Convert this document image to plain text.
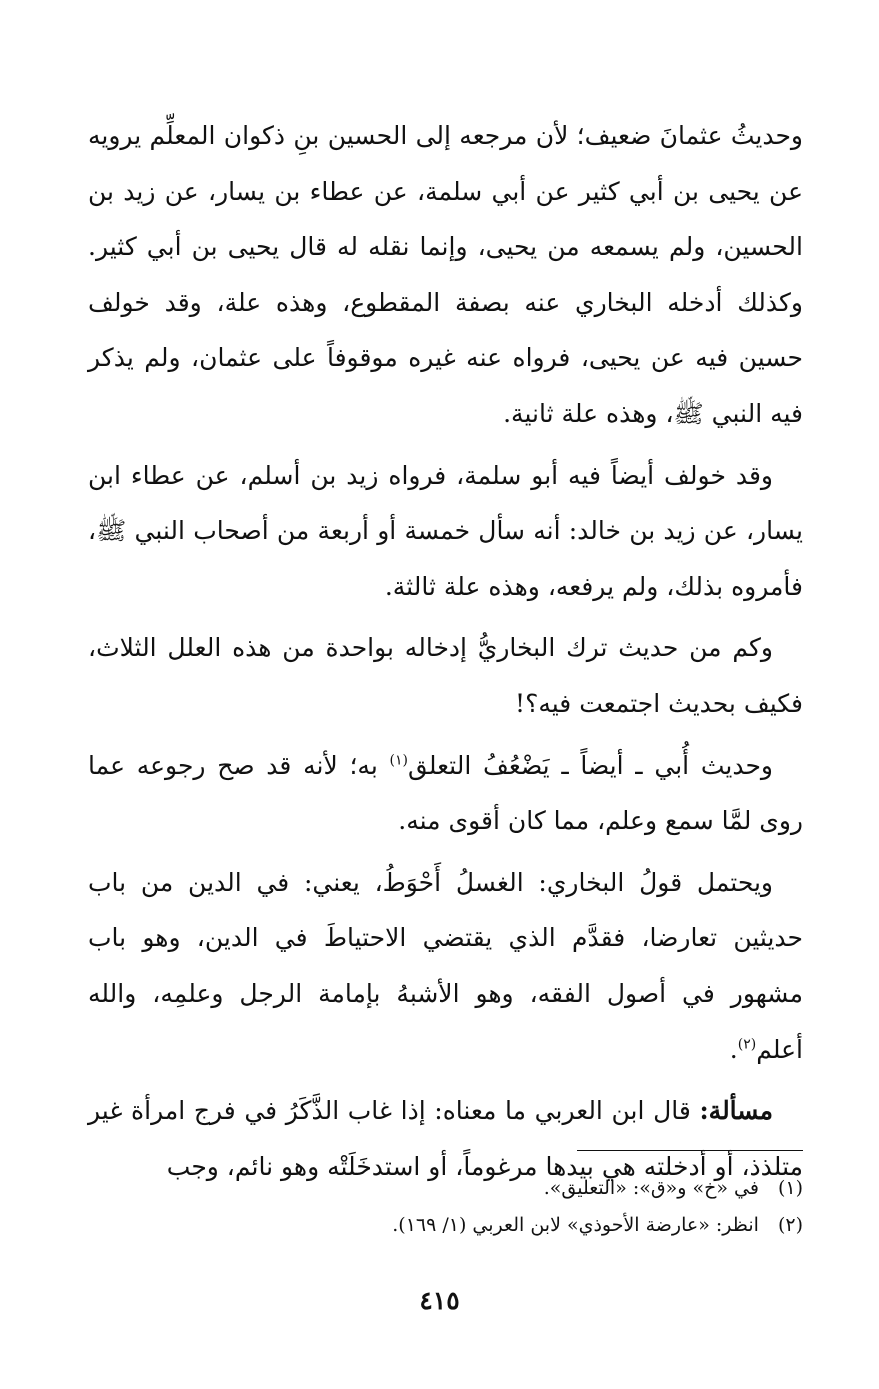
وحديثُ عثمانَ ضعيف؛ لأن مرجعه إلى الحسين بنِ ذكوان المعلِّم يرويه عن يحيى بن أبي كثير عن أبي سلمة، عن عطاء بن يسار، عن زيد بن الحسين، ولم يسمعه من يحيى، وإنما نقله له قال يحيى بن أبي كثير. وكذلك أدخله البخاري عنه بصفة المقطوع، وهذه علة، وقد خولف حسين فيه عن يحيى، فرواه عنه غيره موقوفاً على عثمان، ولم يذكر فيه النبي ﷺ، وهذه علة ثانية.

وقد خولف أيضاً فيه أبو سلمة، فرواه زيد بن أسلم، عن عطاء ابن يسار، عن زيد بن خالد: أنه سأل خمسة أو أربعة من أصحاب النبي ﷺ، فأمروه بذلك، ولم يرفعه، وهذه علة ثالثة.

وكم من حديث ترك البخاريُّ إدخاله بواحدة من هذه العلل الثلاث، فكيف بحديث اجتمعت فيه؟!

وحديث أُبي ـ أيضاً ـ يَضْعُفُ التعلق$^{(١)}$ به؛ لأنه قد صح رجوعه عما روى لمَّا سمع وعلم، مما كان أقوى منه.

ويحتمل قولُ البخاري: الغسلُ أَحْوَطُ، يعني: في الدين من باب حديثين تعارضا، فقدَّم الذي يقتضي الاحتياطَ في الدين، وهو باب مشهور في أصول الفقه، وهو الأشبهُ بإمامة الرجل وعلمِه، والله أعلم$^{(٢)}$.

مسألة: قال ابن العربي ما معناه: إذا غاب الذَّكَرُ في فرج امرأة غير متلذذ، أو أدخلته هي بيدها مرغوماً، أو استدخَلَتْه وهو نائم، وجب

(١) في «خ» و«ق»: «التعليق».
(٢) انظر: «عارضة الأحوذي» لابن العربي (١/ ١٦٩).
٤١٥
